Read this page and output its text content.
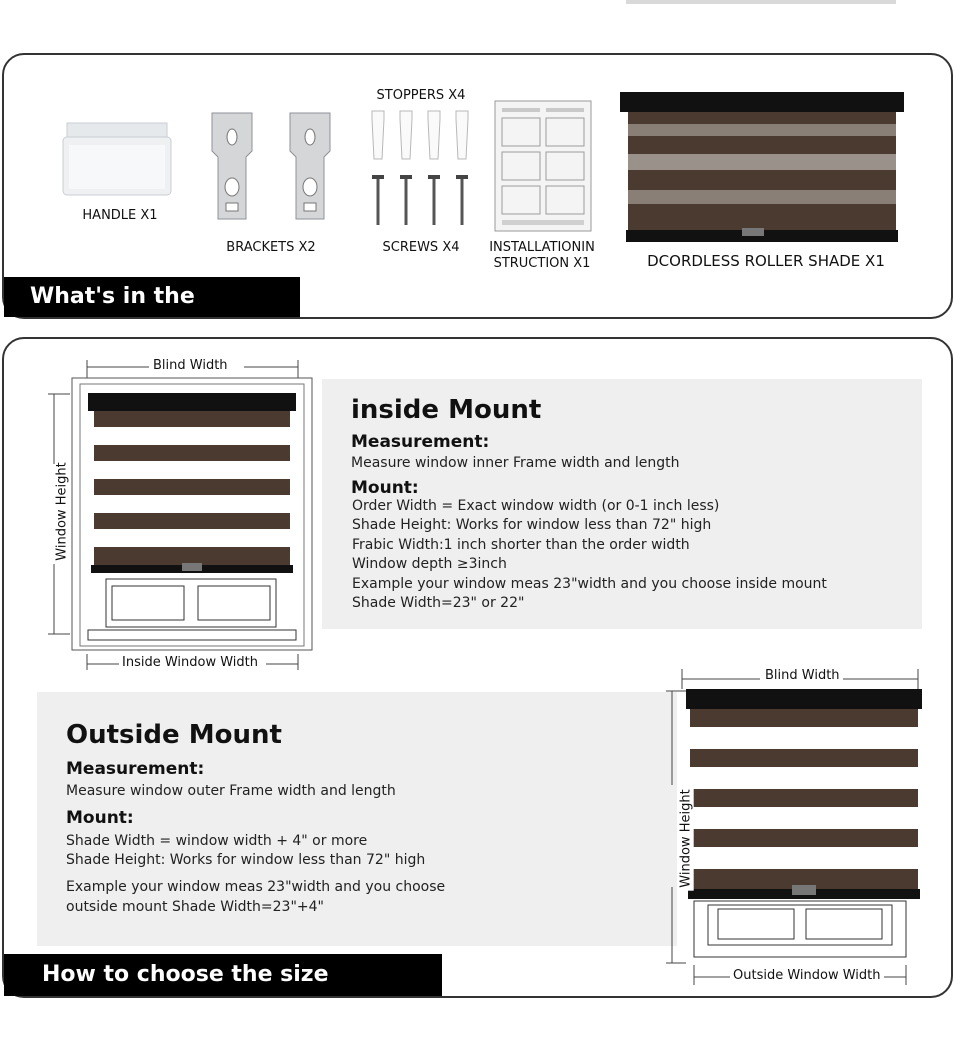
HANDLE X1
BRACKETS X2
STOPPERS X4
SCREWS X4	INSTALLATIONIN
STRUCTION X1	DCORDLESS ROLLER SHADE X1
What's in the
inside Mount
Measurement:
Measure window inner Frame width and length
Mount:
Order Width = Exact window width (or 0-1 inch less)
Shade Height: Works for window less than 72" high
Frabic Width:1 inch shorter than the order width
Window depth ≥3inch
Example your window meas 23"width and you choose inside mount
Shade Width=23" or 22"
Blind Width
Window Height
Inside Window Width
Outside Mount
Measurement:
Measure window outer Frame width and length
Mount:
Shade Width = window width + 4" or more
Shade Height: Works for window less than 72" high
Example your window meas 23"width and you choose
outside mount Shade Width=23"+4"
Blind Width
Window Height
Outside Window Width
How to choose the size ofshades
